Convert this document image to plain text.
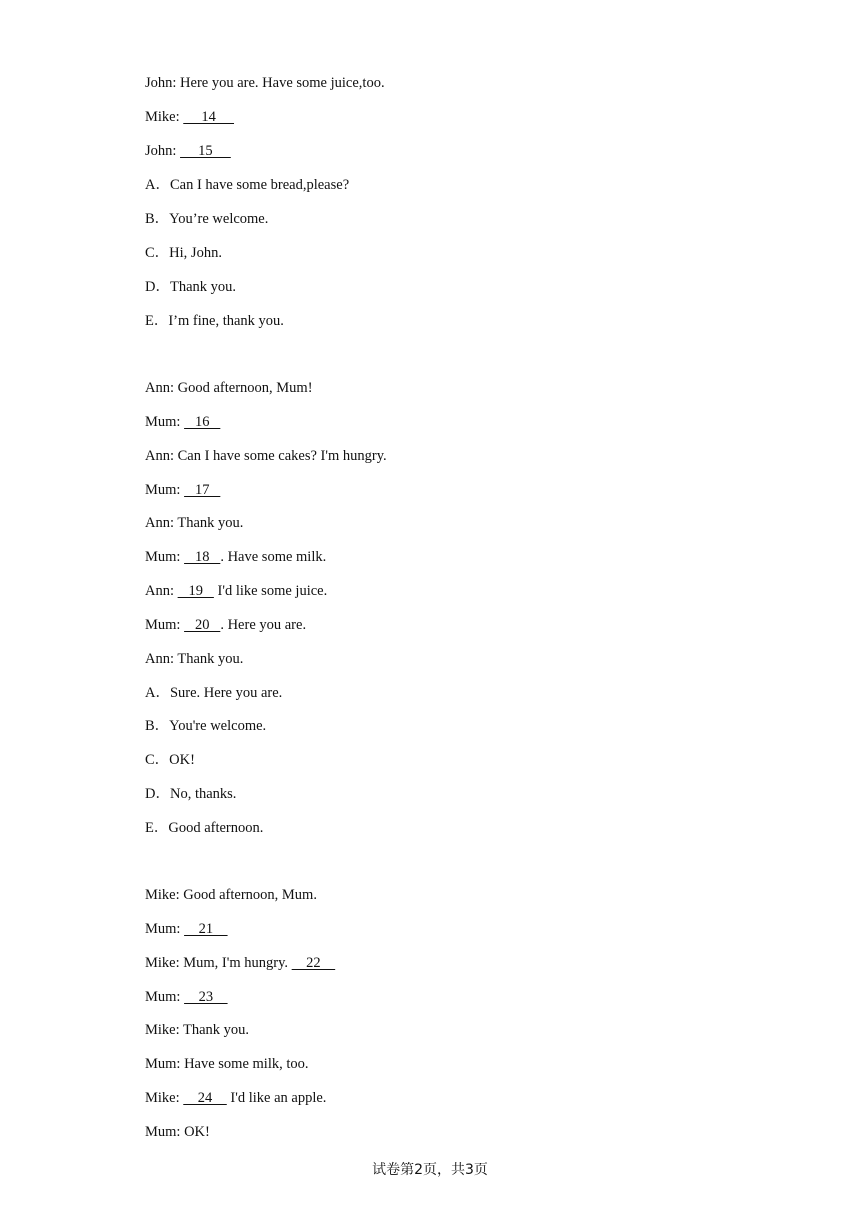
John: Here you are. Have some juice,too.
Mike:      14
John:      15
A．Can I have some bread,please?
B．You’re welcome.
C．Hi, John.
D．Thank you.
E．I’m fine, thank you.
Ann: Good afternoon, Mum!
Mum:    16
Ann: Can I have some cakes? I'm hungry.
Mum:    17
Ann: Thank you.
Mum:    18   . Have some milk.
Ann:    19    I'd like some juice.
Mum:    20   . Here you are.
Ann: Thank you.
A．Sure. Here you are.
B．You're welcome.
C．OK!
D．No, thanks.
E．Good afternoon.
Mike: Good afternoon, Mum.
Mum:     21
Mike: Mum, I'm hungry.     22
Mum:     23
Mike: Thank you.
Mum: Have some milk, too.
Mike:     24     I'd like an apple.
Mum: OK!
试卷第2页，共3页
